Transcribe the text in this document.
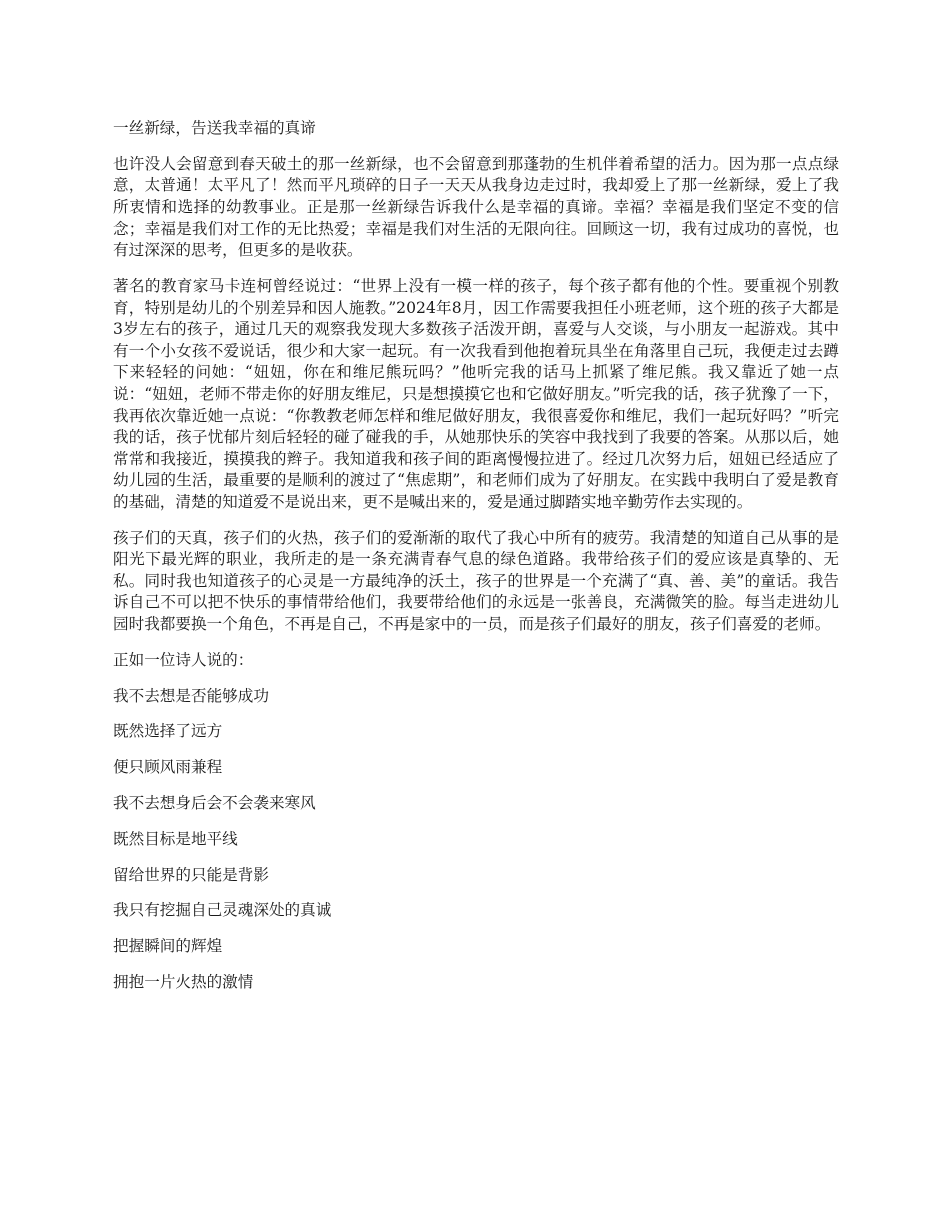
一丝新绿，告送我幸福的真谛

也许没人会留意到春天破土的那一丝新绿，也不会留意到那蓬勃的生机伴着希望的活力。因为那一点点绿意，太普通！太平凡了！然而平凡琐碎的日子一天天从我身边走过时，我却爱上了那一丝新绿，爱上了我所衷情和选择的幼教事业。正是那一丝新绿告诉我什么是幸福的真谛。幸福？幸福是我们坚定不变的信念；幸福是我们对工作的无比热爱；幸福是我们对生活的无限向往。回顾这一切，我有过成功的喜悦，也有过深深的思考，但更多的是收获。

著名的教育家马卡连柯曾经说过：“世界上没有一模一样的孩子，每个孩子都有他的个性。要重视个别教育，特别是幼儿的个别差异和因人施教。”2024年8月，因工作需要我担任小班老师，这个班的孩子大都是3岁左右的孩子，通过几天的观察我发现大多数孩子活泼开朗，喜爱与人交谈，与小朋友一起游戏。其中有一个小女孩不爱说话，很少和大家一起玩。有一次我看到他抱着玩具坐在角落里自己玩，我便走过去蹲下来轻轻的问她：“妞妞，你在和维尼熊玩吗？”他听完我的话马上抓紧了维尼熊。我又靠近了她一点说：“妞妞，老师不带走你的好朋友维尼，只是想摸摸它也和它做好朋友。”听完我的话，孩子犹豫了一下，我再依次靠近她一点说：“你教教老师怎样和维尼做好朋友，我很喜爱你和维尼，我们一起玩好吗？”听完我的话，孩子忧郁片刻后轻轻的碰了碰我的手，从她那快乐的笑容中我找到了我要的答案。从那以后，她常常和我接近，摸摸我的辫子。我知道我和孩子间的距离慢慢拉进了。经过几次努力后，妞妞已经适应了幼儿园的生活，最重要的是顺利的渡过了“焦虑期”，和老师们成为了好朋友。在实践中我明白了爱是教育的基础，清楚的知道爱不是说出来，更不是喊出来的，爱是通过脚踏实地辛勤劳作去实现的。

孩子们的天真，孩子们的火热，孩子们的爱渐渐的取代了我心中所有的疲劳。我清楚的知道自己从事的是阳光下最光辉的职业，我所走的是一条充满青春气息的绿色道路。我带给孩子们的爱应该是真挚的、无私。同时我也知道孩子的心灵是一方最纯净的沃土，孩子的世界是一个充满了“真、善、美”的童话。我告诉自己不可以把不快乐的事情带给他们，我要带给他们的永远是一张善良，充满微笑的脸。每当走进幼儿园时我都要换一个角色，不再是自己，不再是家中的一员，而是孩子们最好的朋友，孩子们喜爱的老师。

正如一位诗人说的：

我不去想是否能够成功

既然选择了远方

便只顾风雨兼程

我不去想身后会不会袭来寒风

既然目标是地平线

留给世界的只能是背影

我只有挖掘自己灵魂深处的真诚

把握瞬间的辉煌

拥抱一片火热的激情
